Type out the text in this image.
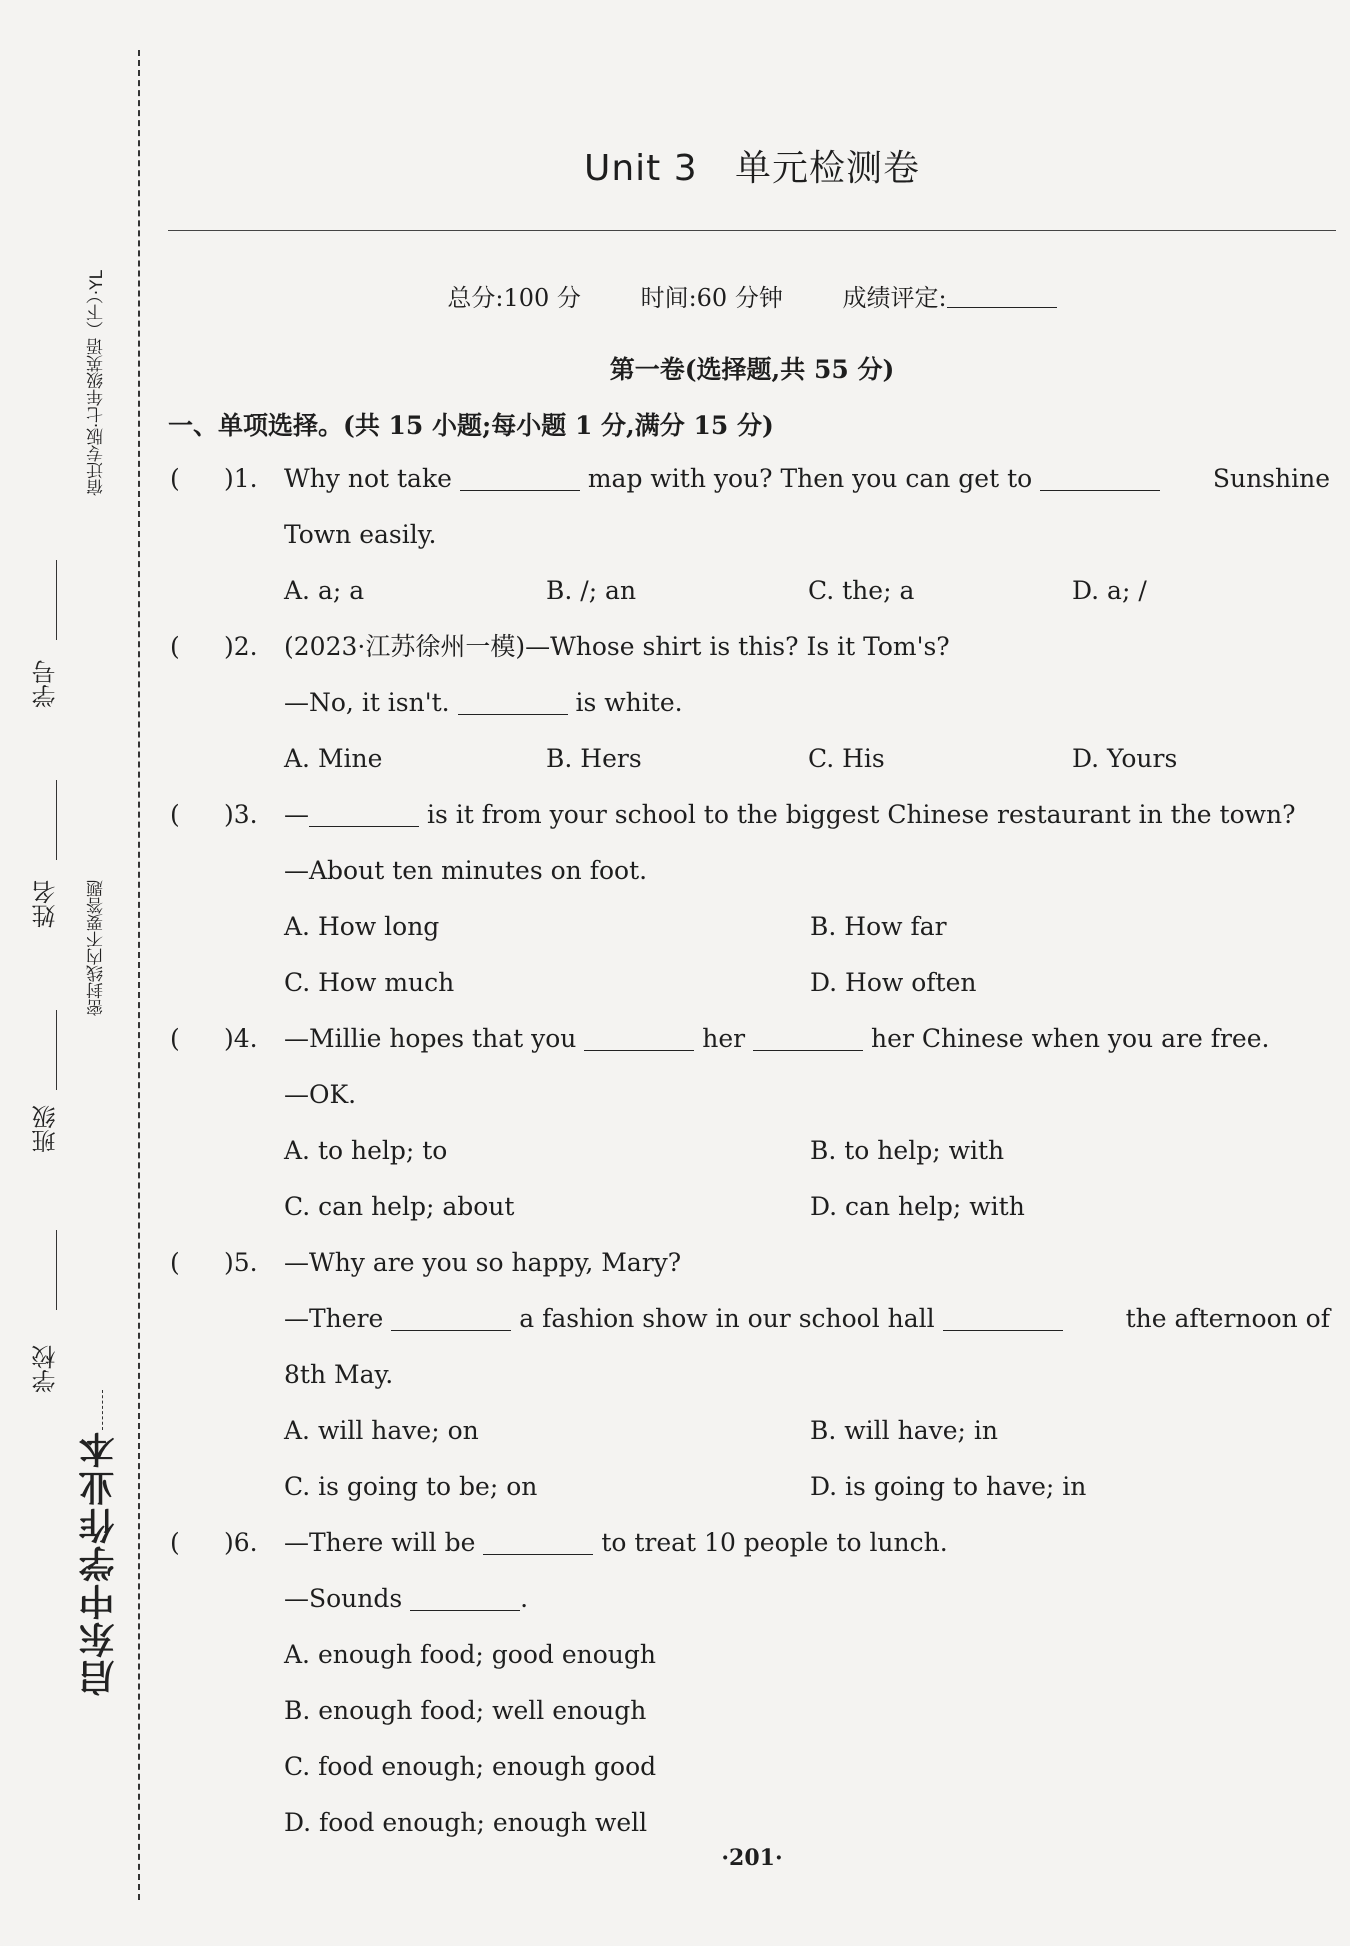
宿迁专版·七年级英语（下）·YL
密封线内不要答题
启东中学作业本
学号
姓名
班级
学校
Unit 3   单元检测卷
总分:100 分 时间:60 分钟 成绩评定:
第一卷(选择题,共 55 分)
一、单项选择。(共 15 小题;每小题 1 分,满分 15 分)
( )1. Why not take	map with you? Then you can get to	Sunshine
Town easily.
A. a; a	B. /; an	C. the; a	D. a; /
( )2. (2023·江苏徐州一模)—Whose shirt is this? Is it Tom's?
—No, it isn't.	is white.
A. Mine	B. Hers	C. His	D. Yours
( )3. —	is it from your school to the biggest Chinese restaurant in the town?
—About ten minutes on foot.
A. How long	B. How far
C. How much	D. How often
( )4. —Millie hopes that you	her	her Chinese when you are free.
—OK.
A. to help; to	B. to help; with
C. can help; about	D. can help; with
( )5. —Why are you so happy, Mary?
—There	a fashion show in our school hall	the afternoon of
8th May.
A. will have; on	B. will have; in
C. is going to be; on	D. is going to have; in
( )6. —There will be	to treat 10 people to lunch.
—Sounds	.
A. enough food; good enough
B. enough food; well enough
C. food enough; enough good
D. food enough; enough well
·201·
